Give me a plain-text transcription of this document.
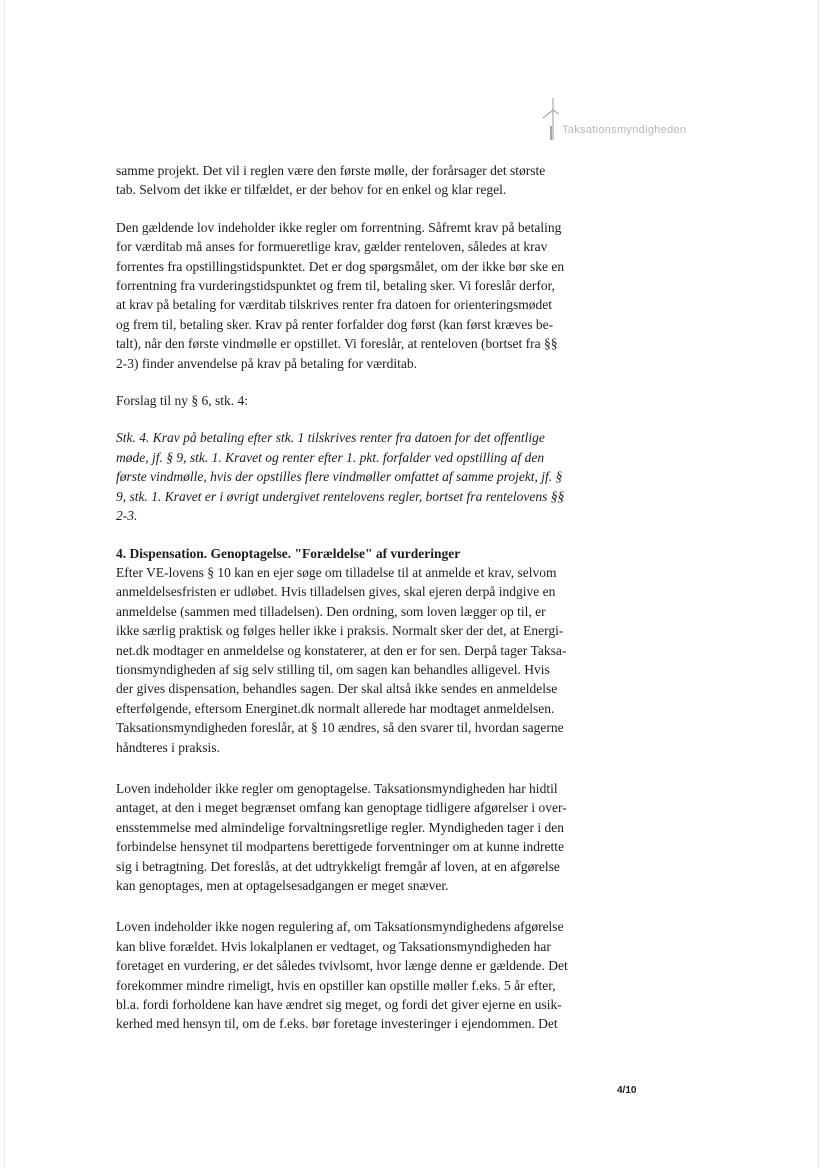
Taksationsmyndigheden

samme projekt. Det vil i reglen være den første mølle, der forårsager det største
tab. Selvom det ikke er tilfældet, er der behov for en enkel og klar regel.

Den gældende lov indeholder ikke regler om forrentning. Såfremt krav på betaling
for værditab må anses for formueretlige krav, gælder renteloven, således at krav
forrentes fra opstillingstidspunktet. Det er dog spørgsmålet, om der ikke bør ske en
forrentning fra vurderingstidspunktet og frem til, betaling sker. Vi foreslår derfor,
at krav på betaling for værditab tilskrives renter fra datoen for orienteringsmødet
og frem til, betaling sker. Krav på renter forfalder dog først (kan først kræves be-
talt), når den første vindmølle er opstillet. Vi foreslår, at renteloven (bortset fra §§
2-3) finder anvendelse på krav på betaling for værditab.

Forslag til ny § 6, stk. 4:

Stk. 4. Krav på betaling efter stk. 1 tilskrives renter fra datoen for det offentlige
møde, jf. § 9, stk. 1. Kravet og renter efter 1. pkt. forfalder ved opstilling af den
første vindmølle, hvis der opstilles flere vindmøller omfattet af samme projekt, jf. §
9, stk. 1. Kravet er i øvrigt undergivet rentelovens regler, bortset fra rentelovens §§
2-3.

4. Dispensation. Genoptagelse. "Forældelse" af vurderinger
Efter VE-lovens § 10 kan en ejer søge om tilladelse til at anmelde et krav, selvom
anmeldelsesfristen er udløbet. Hvis tilladelsen gives, skal ejeren derpå indgive en
anmeldelse (sammen med tilladelsen). Den ordning, som loven lægger op til, er
ikke særlig praktisk og følges heller ikke i praksis. Normalt sker der det, at Energi-
net.dk modtager en anmeldelse og konstaterer, at den er for sen. Derpå tager Taksa-
tionsmyndigheden af sig selv stilling til, om sagen kan behandles alligevel. Hvis
der gives dispensation, behandles sagen. Der skal altså ikke sendes en anmeldelse
efterfølgende, eftersom Energinet.dk normalt allerede har modtaget anmeldelsen.
Taksationsmyndigheden foreslår, at § 10 ændres, så den svarer til, hvordan sagerne
håndteres i praksis.

Loven indeholder ikke regler om genoptagelse. Taksationsmyndigheden har hidtil
antaget, at den i meget begrænset omfang kan genoptage tidligere afgørelser i over-
ensstemmelse med almindelige forvaltningsretlige regler. Myndigheden tager i den
forbindelse hensynet til modpartens berettigede forventninger om at kunne indrette
sig i betragtning. Det foreslås, at det udtrykkeligt fremgår af loven, at en afgørelse
kan genoptages, men at optagelsesadgangen er meget snæver.

Loven indeholder ikke nogen regulering af, om Taksationsmyndighedens afgørelse
kan blive forældet. Hvis lokalplanen er vedtaget, og Taksationsmyndigheden har
foretaget en vurdering, er det således tvivlsomt, hvor længe denne er gældende. Det
forekommer mindre rimeligt, hvis en opstiller kan opstille møller f.eks. 5 år efter,
bl.a. fordi forholdene kan have ændret sig meget, og fordi det giver ejerne en usik-
kerhed med hensyn til, om de f.eks. bør foretage investeringer i ejendommen. Det

4/10
